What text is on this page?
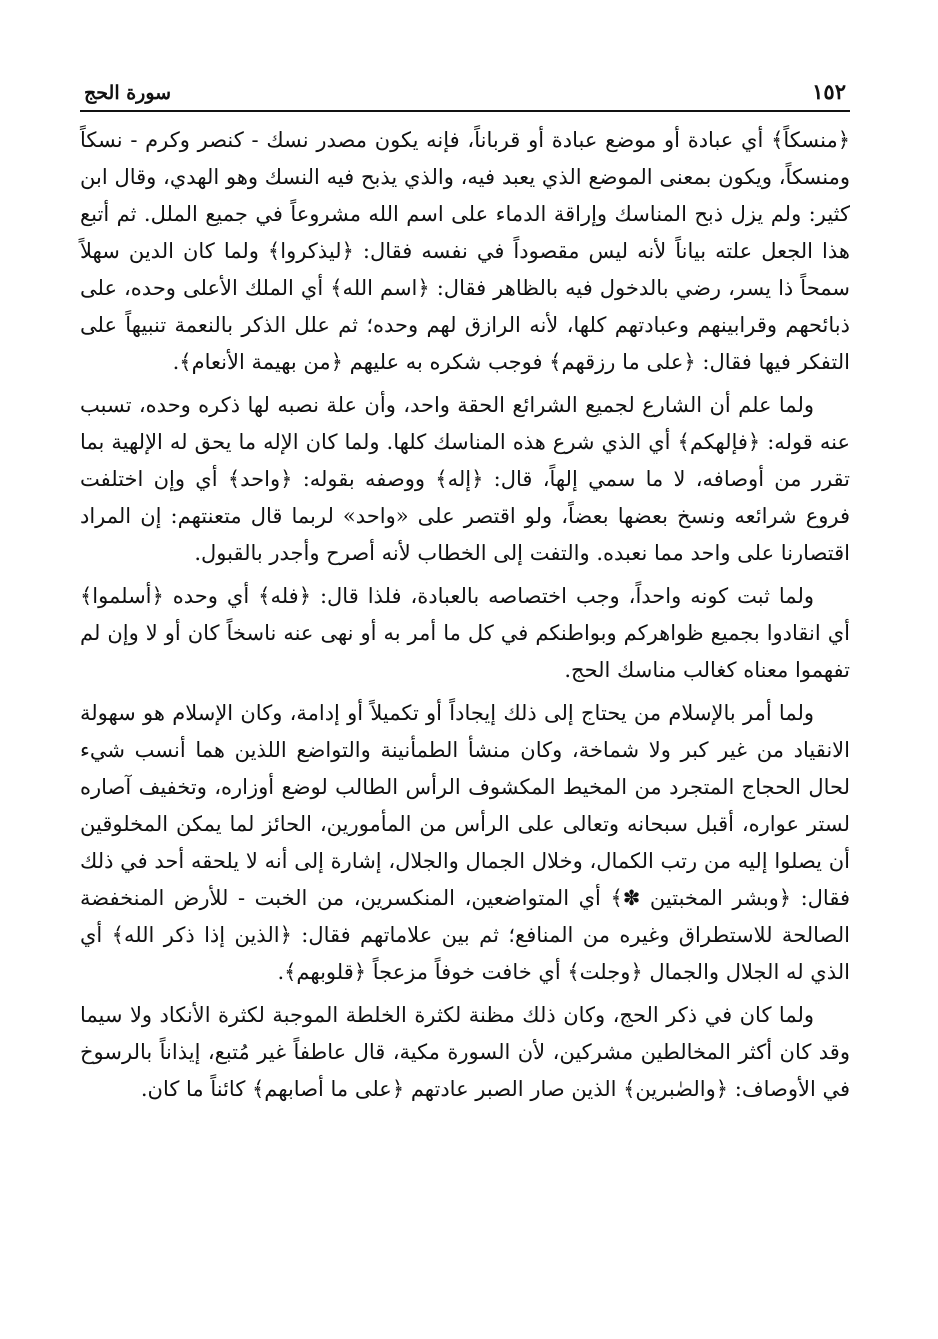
١٥٢
سورة الحج

﴿منسكاً﴾ أي عبادة أو موضع عبادة أو قرباناً، فإنه يكون مصدر نسك - كنصر وكرم - نسكاً ومنسكاً، ويكون بمعنى الموضع الذي يعبد فيه، والذي يذبح فيه النسك وهو الهدي، وقال ابن كثير: ولم يزل ذبح المناسك وإراقة الدماء على اسم الله مشروعاً في جميع الملل. ثم أتبع هذا الجعل علته بياناً لأنه ليس مقصوداً في نفسه فقال: ﴿ليذكروا﴾ ولما كان الدين سهلاً سمحاً ذا يسر، رضي بالدخول فيه بالظاهر فقال: ﴿اسم الله﴾ أي الملك الأعلى وحده، على ذبائحهم وقرابينهم وعبادتهم كلها، لأنه الرازق لهم وحده؛ ثم علل الذكر بالنعمة تنبيهاً على التفكر فيها فقال: ﴿على ما رزقهم﴾ فوجب شكره به عليهم ﴿من بهيمة الأنعام﴾.

ولما علم أن الشارع لجميع الشرائع الحقة واحد، وأن علة نصبه لها ذكره وحده، تسبب عنه قوله: ﴿فإلهكم﴾ أي الذي شرع هذه المناسك كلها. ولما كان الإله ما يحق له الإلهية بما تقرر من أوصافه، لا ما سمي إلهاً، قال: ﴿إله﴾ ووصفه بقوله: ﴿واحد﴾ أي وإن اختلفت فروع شرائعه ونسخ بعضها بعضاً، ولو اقتصر على «واحد» لربما قال متعنتهم: إن المراد اقتصارنا على واحد مما نعبده. والتفت إلى الخطاب لأنه أصرح وأجدر بالقبول.

ولما ثبت كونه واحداً، وجب اختصاصه بالعبادة، فلذا قال: ﴿فله﴾ أي وحده ﴿أسلموا﴾ أي انقادوا بجميع ظواهركم وبواطنكم في كل ما أمر به أو نهى عنه ناسخاً كان أو لا وإن لم تفهموا معناه كغالب مناسك الحج.

ولما أمر بالإسلام من يحتاج إلى ذلك إيجاداً أو تكميلاً أو إدامة، وكان الإسلام هو سهولة الانقياد من غير كبر ولا شماخة، وكان منشأ الطمأنينة والتواضع اللذين هما أنسب شيء لحال الحجاج المتجرد من المخيط المكشوف الرأس الطالب لوضع أوزاره، وتخفيف آصاره لستر عواره، أقبل سبحانه وتعالى على الرأس من المأمورين، الحائز لما يمكن المخلوقين أن يصلوا إليه من رتب الكمال، وخلال الجمال والجلال، إشارة إلى أنه لا يلحقه أحد في ذلك فقال: ﴿وبشر المخبتين ✽﴾ أي المتواضعين، المنكسرين، من الخبت - للأرض المنخفضة الصالحة للاستطراق وغيره من المنافع؛ ثم بين علاماتهم فقال: ﴿الذين إذا ذكر الله﴾ أي الذي له الجلال والجمال ﴿وجلت﴾ أي خافت خوفاً مزعجاً ﴿قلوبهم﴾.

ولما كان في ذكر الحج، وكان ذلك مظنة لكثرة الخلطة الموجبة لكثرة الأنكاد ولا سيما وقد كان أكثر المخالطين مشركين، لأن السورة مكية، قال عاطفاً غير مُتبع، إيذاناً بالرسوخ في الأوصاف: ﴿والصٰبرين﴾ الذين صار الصبر عادتهم ﴿على ما أصابهم﴾ كائناً ما كان.
